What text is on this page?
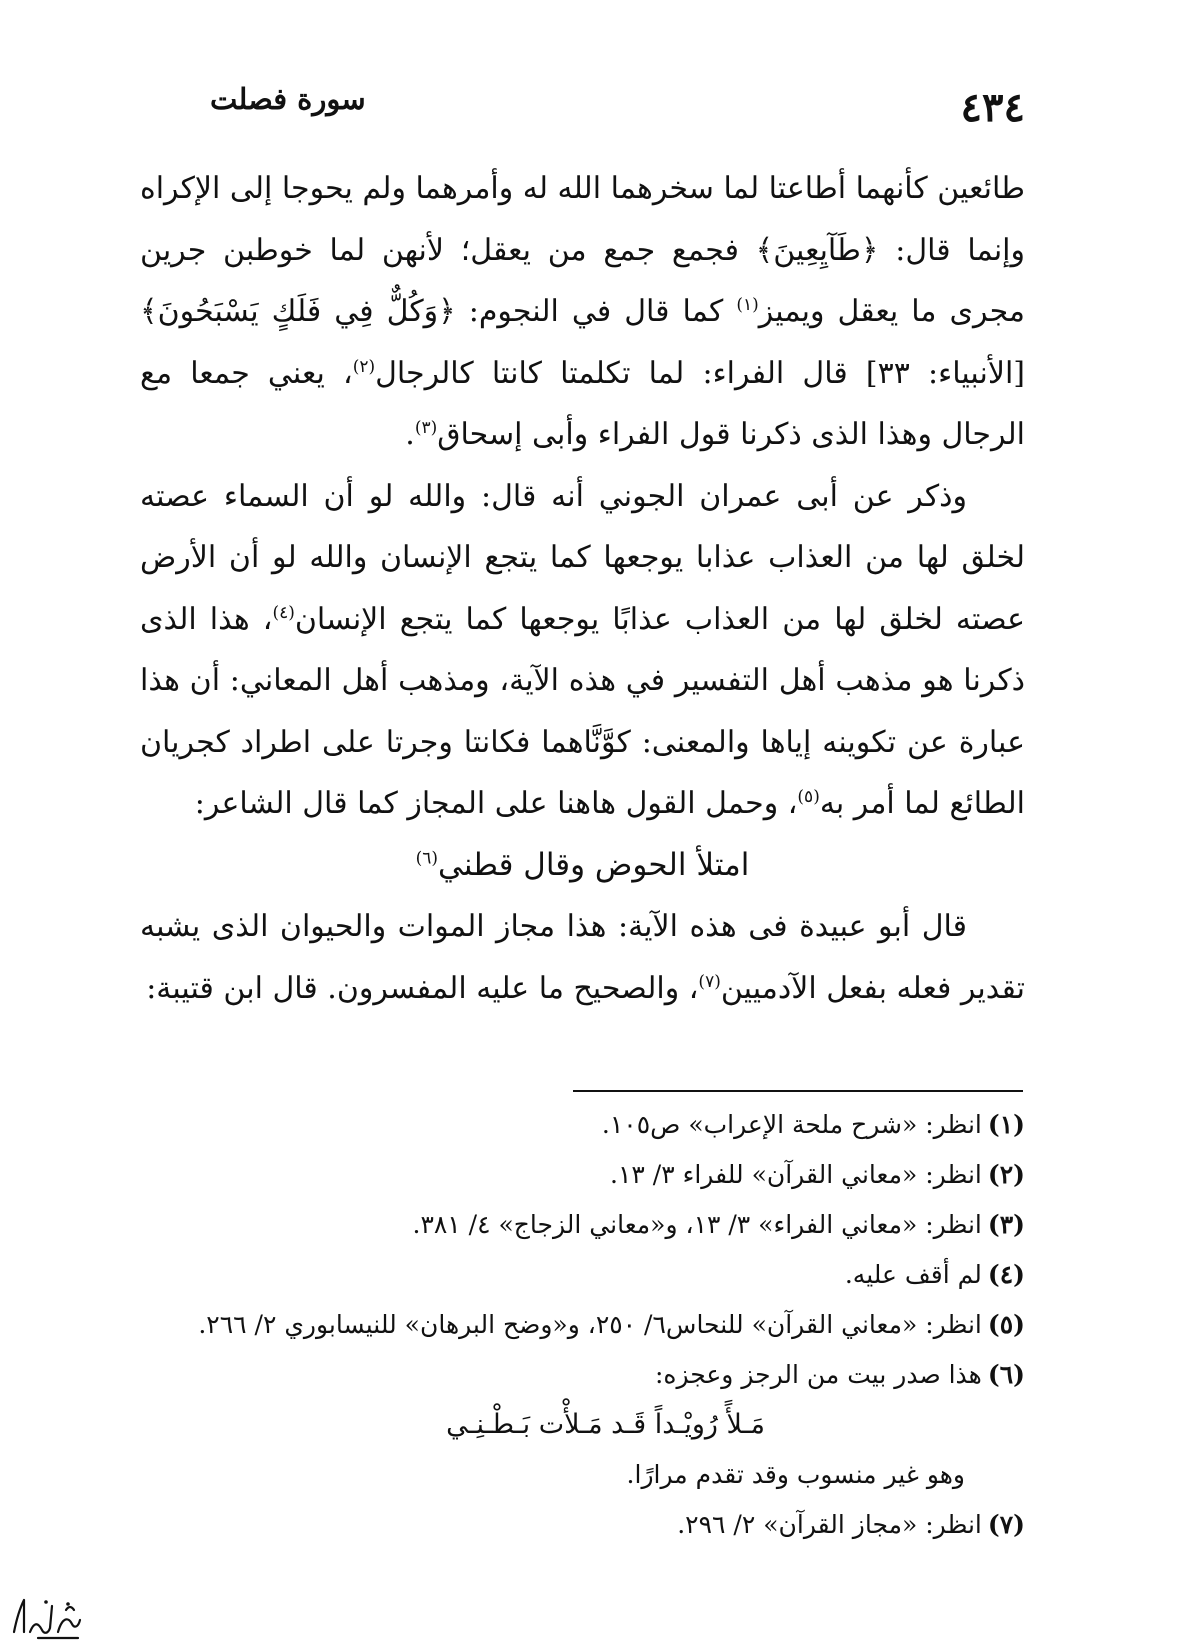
٤٣٤
سورة فصلت

طائعين كأنهما أطاعتا لما سخرهما الله له وأمرهما ولم يحوجا إلى الإكراه وإنما قال: ﴿طَآيِعِينَ﴾ فجمع جمع من يعقل؛ لأنهن لما خوطبن جرين مجرى ما يعقل ويميز$^{(١)}$ كما قال في النجوم: ﴿وَكُلٌّ فِي فَلَكٍ يَسْبَحُونَ﴾ [الأنبياء: ٣٣] قال الفراء: لما تكلمتا كانتا كالرجال$^{(٢)}$، يعني جمعا مع الرجال وهذا الذى ذكرنا قول الفراء وأبى إسحاق$^{(٣)}$.

وذكر عن أبى عمران الجوني أنه قال: والله لو أن السماء عصته لخلق لها من العذاب عذابا يوجعها كما يتجع الإنسان والله لو أن الأرض عصته لخلق لها من العذاب عذابًا يوجعها كما يتجع الإنسان$^{(٤)}$، هذا الذى ذكرنا هو مذهب أهل التفسير في هذه الآية، ومذهب أهل المعاني: أن هذا عبارة عن تكوينه إياها والمعنى: كوَّنَّاهما فكانتا وجرتا على اطراد كجريان الطائع لما أمر به$^{(٥)}$، وحمل القول هاهنا على المجاز كما قال الشاعر:

امتلأ الحوض وقال قطني$^{(٦)}$

قال أبو عبيدة فى هذه الآية: هذا مجاز الموات والحيوان الذى يشبه تقدير فعله بفعل الآدميين$^{(٧)}$، والصحيح ما عليه المفسرون. قال ابن قتيبة:

(١)انظر: «شرح ملحة الإعراب» ص١٠٥.

(٢)انظر: «معاني القرآن» للفراء ٣/ ١٣.

(٣)انظر: «معاني الفراء» ٣/ ١٣، و«معاني الزجاج» ٤/ ٣٨١.

(٤)لم أقف عليه.

(٥)انظر: «معاني القرآن» للنحاس٦/ ٢٥٠، و«وضح البرهان» للنيسابوري ٢/ ٢٦٦.

(٦)هذا صدر بيت من الرجز وعجزه:

مَـلأً رُويْـداً قَـد مَـلأْت بَـطْـنِـي

وهو غير منسوب وقد تقدم مرارًا.

(٧)انظر: «مجاز القرآن» ٢/ ٢٩٦.
